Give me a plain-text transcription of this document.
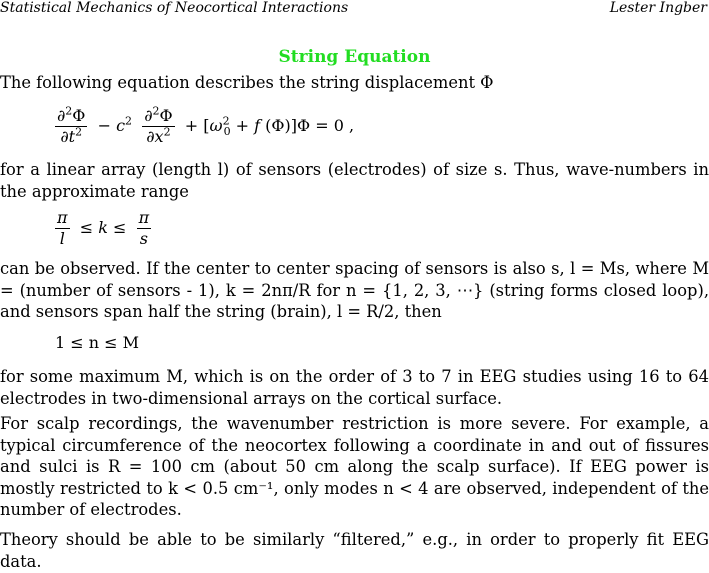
Statistical Mechanics of Neocortical Interactions	Lester Ingber
String Equation
The following equation describes the string displacement Φ
$\frac{\partial^2\Phi}{\partial t^2} - c^2 \frac{\partial^2\Phi}{\partial x^2} + [\omega^2_0 + f$ (Φ)]Φ = 0 ,
for a linear array (length l) of sensors (electrodes) of size s. Thus, wave-numbers in the approximate range
$\frac{\pi}{l} \le k \le \frac{\pi}{s}$
can be observed. If the center to center spacing of sensors is also s, l = Ms, where M = (number of sensors - 1), k = 2nπ/R for n = {1, 2, 3, ⋯} (string forms closed loop), and sensors span half the string (brain), l = R/2, then
1 ≤ n ≤ M
for some maximum M, which is on the order of 3 to 7 in EEG studies using 16 to 64 electrodes in two-dimensional arrays on the cortical surface.
For scalp recordings, the wavenumber restriction is more severe. For example, a typical circumference of the neocortex following a coordinate in and out of fissures and sulci is R = 100 cm (about 50 cm along the scalp surface). If EEG power is mostly restricted to k < 0.5 cm⁻¹, only modes n < 4 are observed, independent of the number of electrodes.
Theory should be able to be similarly “filtered,” e.g., in order to properly fit EEG data.
